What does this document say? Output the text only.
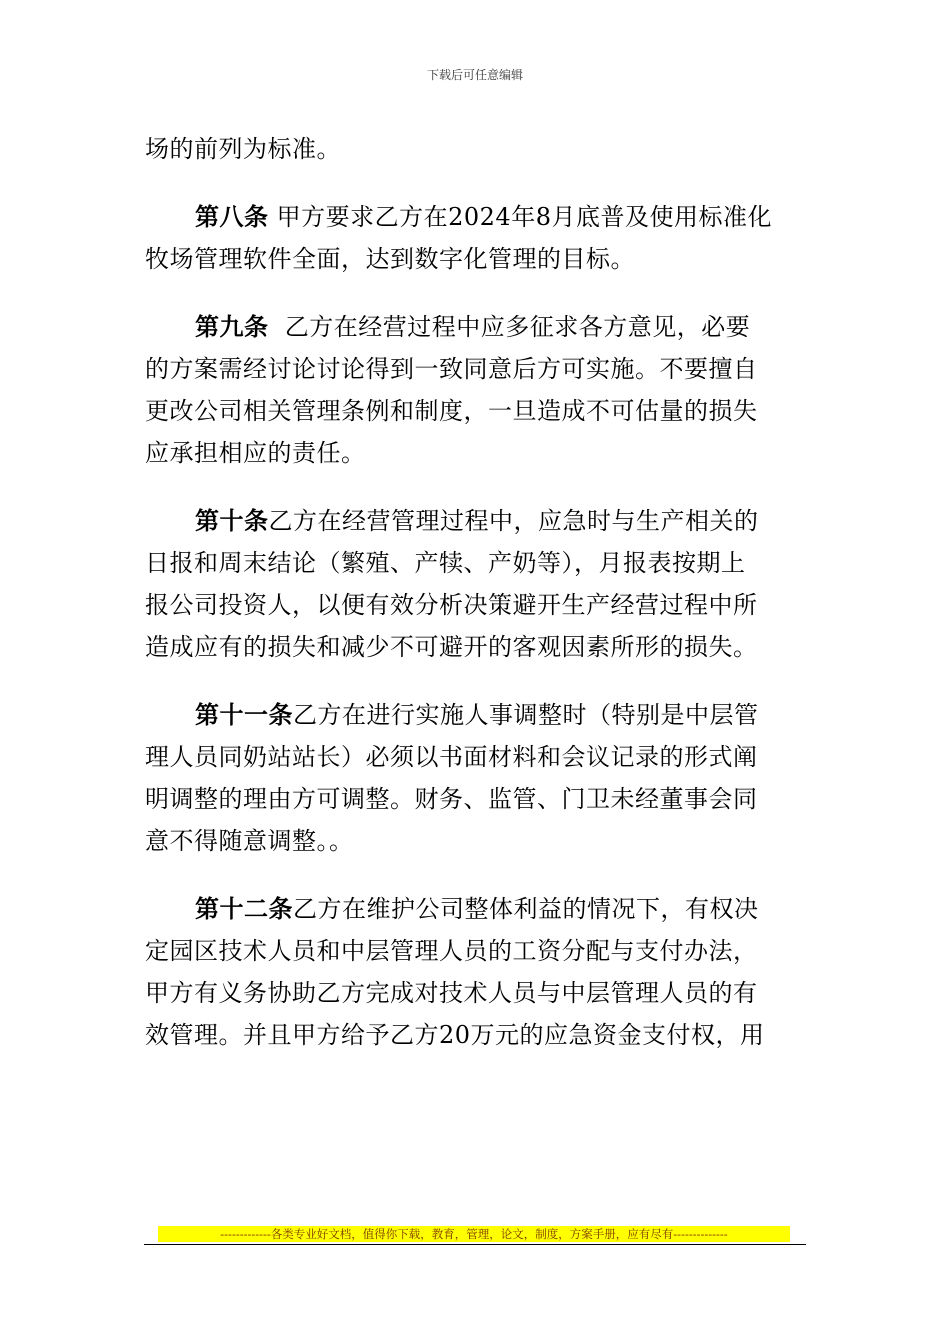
下载后可任意编辑
场的前列为标准。
第八条 甲方要求乙方在2024年8月底普及使用标准化
牧场管理软件全面，达到数字化管理的目标。
第九条  乙方在经营过程中应多征求各方意见，必要
的方案需经讨论讨论得到一致同意后方可实施。不要擅自
更改公司相关管理条例和制度，一旦造成不可估量的损失
应承担相应的责任。
第十条乙方在经营管理过程中，应急时与生产相关的
日报和周末结论（繁殖、产犊、产奶等），月报表按期上
报公司投资人，以便有效分析决策避开生产经营过程中所
造成应有的损失和减少不可避开的客观因素所形的损失。
第十一条乙方在进行实施人事调整时（特别是中层管
理人员同奶站站长）必须以书面材料和会议记录的形式阐
明调整的理由方可调整。财务、监管、门卫未经董事会同
意不得随意调整。。
第十二条乙方在维护公司整体利益的情况下，有权决
定园区技术人员和中层管理人员的工资分配与支付办法，
甲方有义务协助乙方完成对技术人员与中层管理人员的有
效管理。并且甲方给予乙方20万元的应急资金支付权，用
-------------各类专业好文档，值得你下载，教育，管理，论文，制度，方案手册，应有尽有--------------
